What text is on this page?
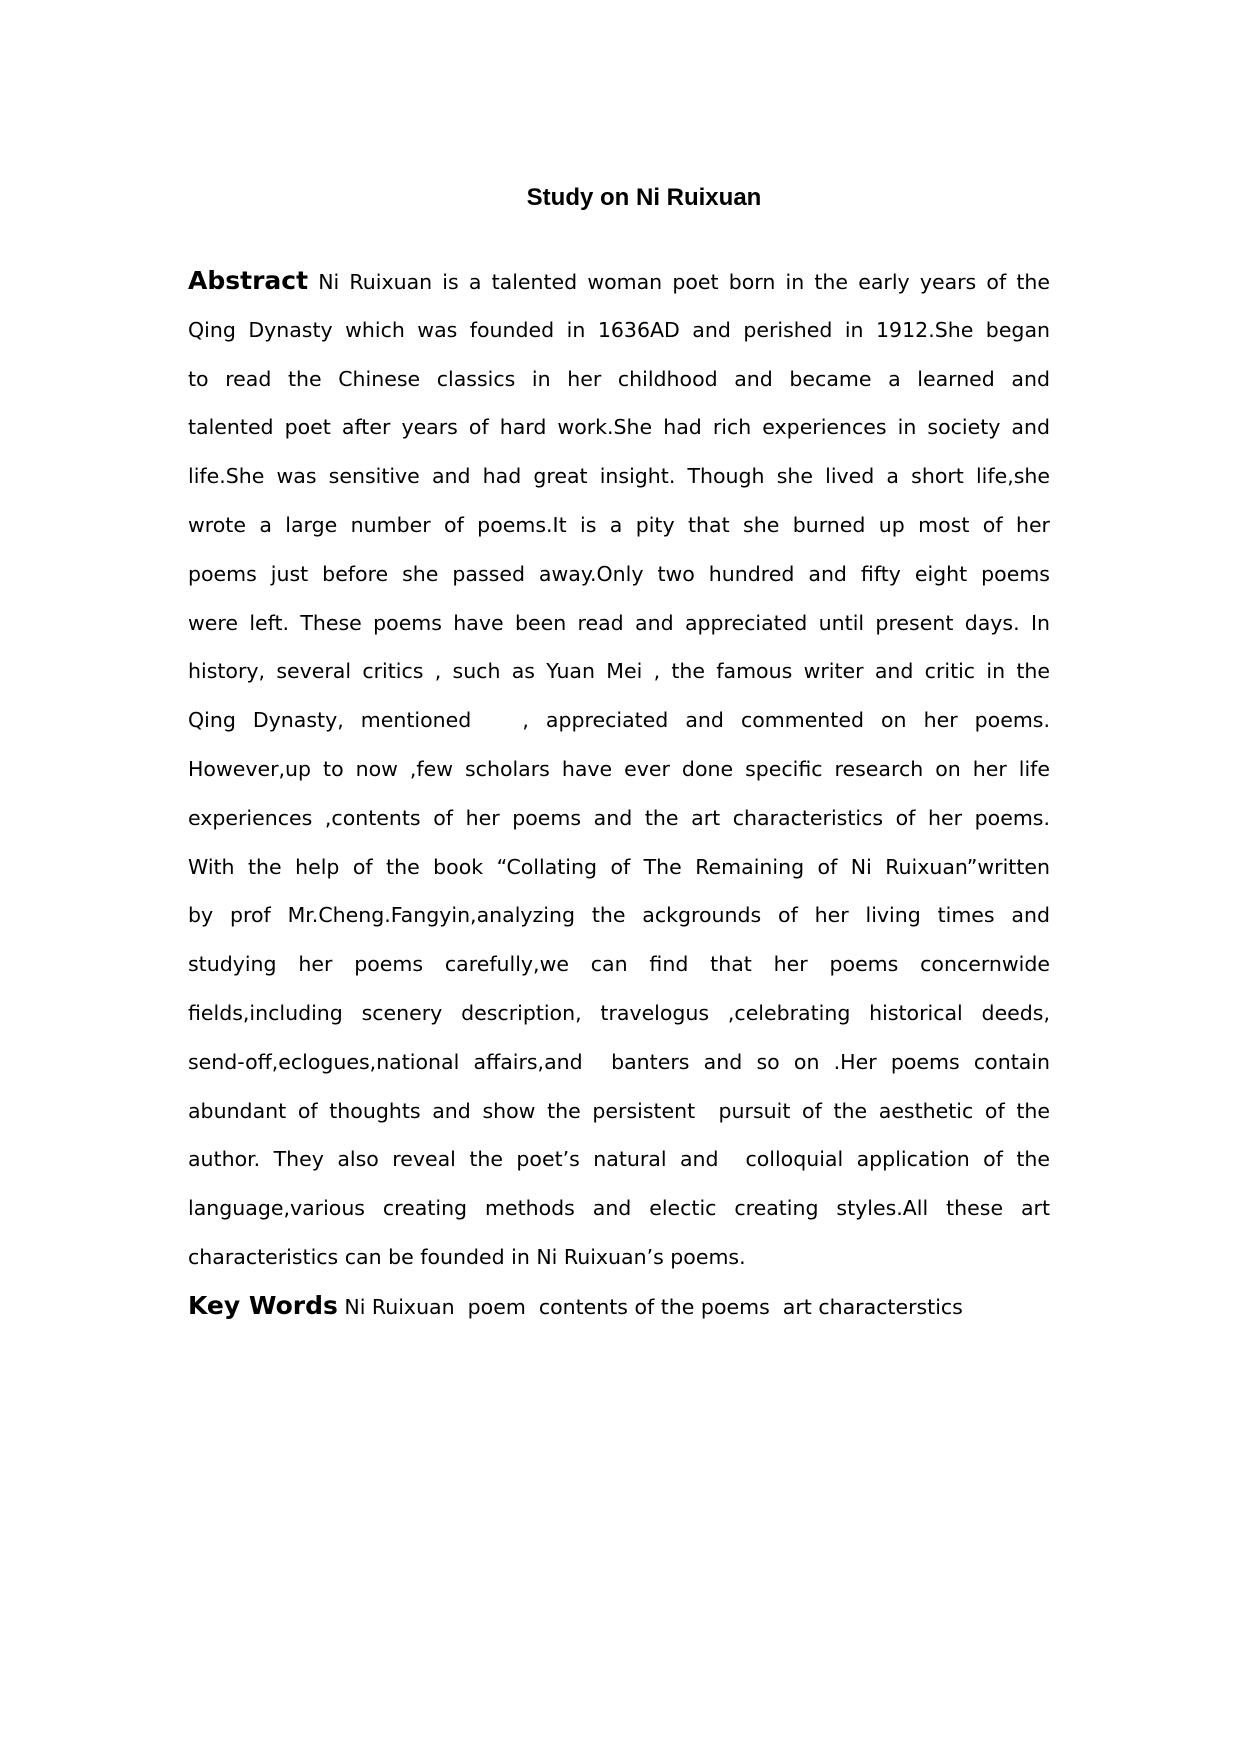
Study on Ni Ruixuan
Abstract Ni Ruixuan is a talented woman poet born in the early years of the
Qing Dynasty which was founded in 1636AD and perished in 1912.She began
to read the Chinese classics in her childhood and became a learned and
talented poet after years of hard work.She had rich experiences in society and
life.She was sensitive and had great insight. Though she lived a short life,she
wrote a large number of poems.It is a pity that she burned up most of her
poems just before she passed away.Only two hundred and fifty eight poems
were left. These poems have been read and appreciated until present days. In
history, several critics , such as Yuan Mei , the famous writer and critic in the
Qing Dynasty, mentioned   , appreciated and commented on her poems.
However,up to now ,few scholars have ever done specific research on her life
experiences ,contents of her poems and the art characteristics of her poems.
With the help of the book “Collating of The Remaining of Ni Ruixuan”written
by prof Mr.Cheng.Fangyin,analyzing the ackgrounds of her living times and
studying her poems carefully,we can find that her poems concernwide
fields,including scenery description, travelogus ,celebrating historical deeds,
send-off,eclogues,national affairs,and  banters and so on .Her poems contain
abundant of thoughts and show the persistent  pursuit of the aesthetic of the
author. They also reveal the poet’s natural and  colloquial application of the
language,various creating methods and electic creating styles.All these art
characteristics can be founded in Ni Ruixuan’s poems.
Key Words Ni Ruixuan  poem  contents of the poems  art characterstics
